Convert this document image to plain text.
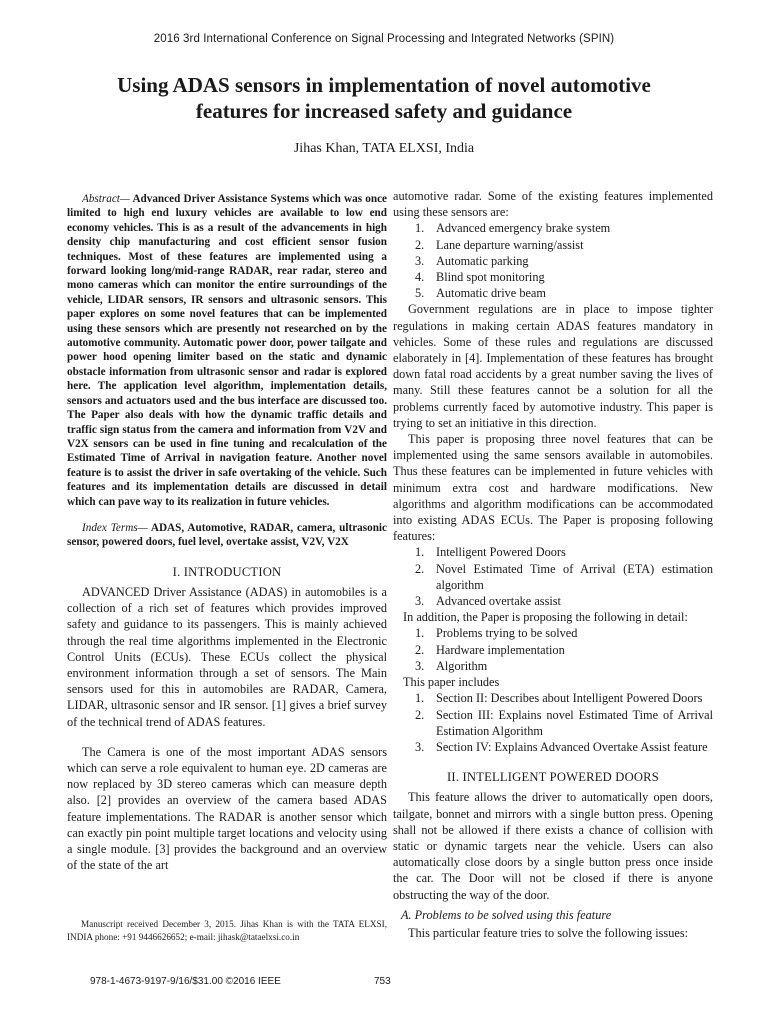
2016 3rd International Conference on Signal Processing and Integrated Networks (SPIN)
Using ADAS sensors in implementation of novel automotive features for increased safety and guidance
Jihas Khan, TATA ELXSI, India

Abstract— Advanced Driver Assistance Systems which was once limited to high end luxury vehicles are available to low end economy vehicles. This is as a result of the advancements in high density chip manufacturing and cost efficient sensor fusion techniques. Most of these features are implemented using a forward looking long/mid-range RADAR, rear radar, stereo and mono cameras which can monitor the entire surroundings of the vehicle, LIDAR sensors, IR sensors and ultrasonic sensors. This paper explores on some novel features that can be implemented using these sensors which are presently not researched on by the automotive community. Automatic power door, power tailgate and power hood opening limiter based on the static and dynamic obstacle information from ultrasonic sensor and radar is explored here. The application level algorithm, implementation details, sensors and actuators used and the bus interface are discussed too. The Paper also deals with how the dynamic traffic details and traffic sign status from the camera and information from V2V and V2X sensors can be used in fine tuning and recalculation of the Estimated Time of Arrival in navigation feature. Another novel feature is to assist the driver in safe overtaking of the vehicle. Such features and its implementation details are discussed in detail which can pave way to its realization in future vehicles.

Index Terms— ADAS, Automotive, RADAR, camera, ultrasonic sensor, powered doors, fuel level, overtake assist, V2V, V2X

I. INTRODUCTION

ADVANCED Driver Assistance (ADAS) in automobiles is a collection of a rich set of features which provides improved safety and guidance to its passengers. This is mainly achieved through the real time algorithms implemented in the Electronic Control Units (ECUs). These ECUs collect the physical environment information through a set of sensors. The Main sensors used for this in automobiles are RADAR, Camera, LIDAR, ultrasonic sensor and IR sensor. [1] gives a brief survey of the technical trend of ADAS features.

The Camera is one of the most important ADAS sensors which can serve a role equivalent to human eye. 2D cameras are now replaced by 3D stereo cameras which can measure depth also. [2] provides an overview of the camera based ADAS feature implementations. The RADAR is another sensor which can exactly pin point multiple target locations and velocity using a single module. [3] provides the background and an overview of the state of the art

Manuscript received December 3, 2015. Jihas Khan is with the TATA ELXSI, INDIA phone: +91 9446626652; e-mail: jihask@tataelxsi.co.in

automotive radar. Some of the existing features implemented using these sensors are:

1. Advanced emergency brake system
2. Lane departure warning/assist
3. Automatic parking
4. Blind spot monitoring
5. Automatic drive beam

Government regulations are in place to impose tighter regulations in making certain ADAS features mandatory in vehicles. Some of these rules and regulations are discussed elaborately in [4]. Implementation of these features has brought down fatal road accidents by a great number saving the lives of many. Still these features cannot be a solution for all the problems currently faced by automotive industry. This paper is trying to set an initiative in this direction.

This paper is proposing three novel features that can be implemented using the same sensors available in automobiles. Thus these features can be implemented in future vehicles with minimum extra cost and hardware modifications. New algorithms and algorithm modifications can be accommodated into existing ADAS ECUs. The Paper is proposing following features:

1. Intelligent Powered Doors
2. Novel Estimated Time of Arrival (ETA) estimation algorithm
3. Advanced overtake assist

In addition, the Paper is proposing the following in detail:

1. Problems trying to be solved
2. Hardware implementation
3. Algorithm

This paper includes

1. Section II: Describes about Intelligent Powered Doors
2. Section III: Explains novel Estimated Time of Arrival Estimation Algorithm
3. Section IV: Explains Advanced Overtake Assist feature
II. INTELLIGENT POWERED DOORS

This feature allows the driver to automatically open doors, tailgate, bonnet and mirrors with a single button press. Opening shall not be allowed if there exists a chance of collision with static or dynamic targets near the vehicle. Users can also automatically close doors by a single button press once inside the car. The Door will not be closed if there is anyone obstructing the way of the door.

A. Problems to be solved using this feature

This particular feature tries to solve the following issues:

978-1-4673-9197-9/16/$31.00 ©2016 IEEE	753
